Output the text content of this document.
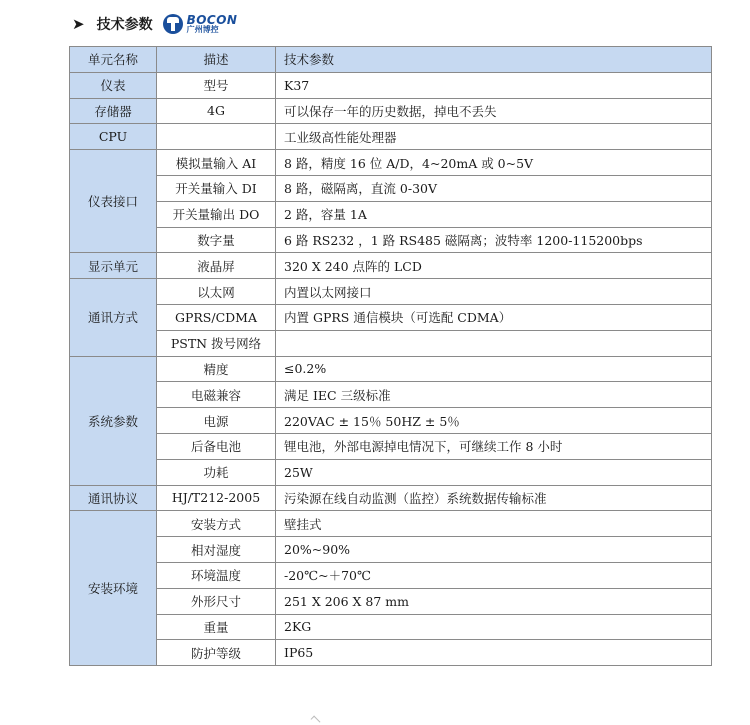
➤ 技术参数	BOCON
广州博控
单元名称	描述	技术参数
仪表	型号	K37
存储器	4G	可以保存一年的历史数据，掉电不丢失
CPU		工业级高性能处理器
仪表接口	模拟量输入 AI	8 路，精度 16 位 A/D，4~20mA 或 0~5V
	开关量输入 DI	8 路，磁隔离，直流 0-30V
	开关量输出 DO	2 路，容量 1A
	数字量	6 路 RS232 ，1 路 RS485 磁隔离；波特率 1200-115200bps
显示单元	液晶屏	320 X 240 点阵的 LCD
通讯方式	以太网	内置以太网接口
	GPRS/CDMA	内置 GPRS 通信模块（可选配 CDMA）
	PSTN 拨号网络	
系统参数	精度	≤0.2%
	电磁兼容	满足 IEC 三级标准
	电源	220VAC ± 15％ 50HZ ± 5％
	后备电池	锂电池，外部电源掉电情况下，可继续工作 8 小时
	功耗	25W
通讯协议	HJ/T212-2005	污染源在线自动监测（监控）系统数据传输标准
安装环境	安装方式	壁挂式
	相对湿度	20%~90%
	环境温度	-20℃~＋70℃
	外形尺寸	251 X 206 X 87 mm
	重量	2KG
	防护等级	IP65
